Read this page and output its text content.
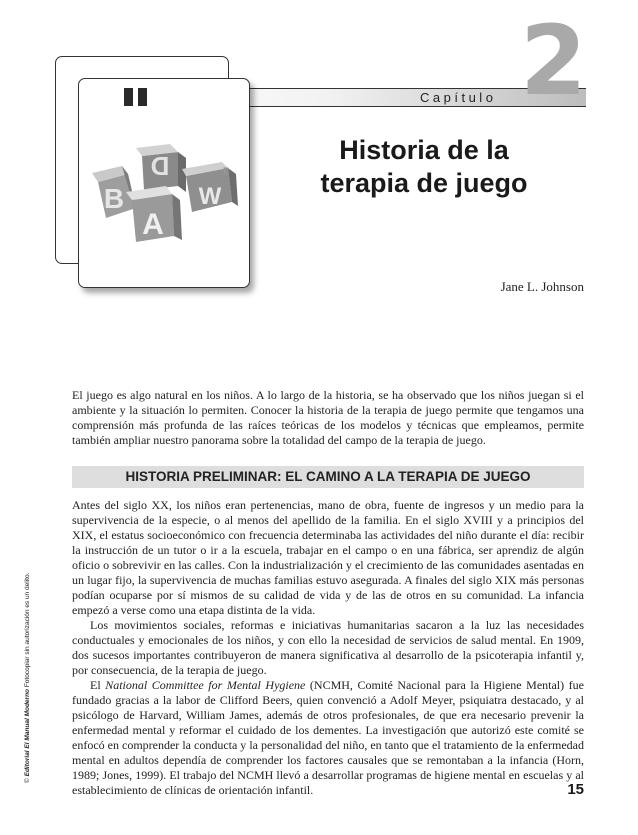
B
D
W
E
A
Capítulo 2
Historia de la
terapia de juego
Jane L. Johnson
El juego es algo natural en los niños. A lo largo de la historia, se ha observado que los niños juegan si el ambiente y la situación lo permiten. Conocer la historia de la terapia de juego permite que tengamos una comprensión más profunda de las raíces teóricas de los modelos y técnicas que empleamos, permite también ampliar nuestro panorama sobre la totalidad del campo de la terapia de juego.
HISTORIA PRELIMINAR: EL CAMINO A LA TERAPIA DE JUEGO

Antes del siglo XX, los niños eran pertenencias, mano de obra, fuente de ingresos y un medio para la supervivencia de la especie, o al menos del apellido de la familia. En el siglo XVIII y a principios del XIX, el estatus socioeconómico con frecuencia determinaba las actividades del niño durante el día: recibir la instrucción de un tutor o ir a la escuela, trabajar en el campo o en una fábrica, ser aprendiz de algún oficio o sobrevivir en las calles. Con la industrialización y el crecimiento de las comunidades asentadas en un lugar fijo, la supervivencia de muchas familias estuvo asegurada. A finales del siglo XIX más personas podían ocuparse por sí mismos de su calidad de vida y de las de otros en su comunidad. La infancia empezó a verse como una etapa distinta de la vida.

Los movimientos sociales, reformas e iniciativas humanitarias sacaron a la luz las necesidades conductuales y emocionales de los niños, y con ello la necesidad de servicios de salud mental. En 1909, dos sucesos importantes contribuyeron de manera significativa al desarrollo de la psicoterapia infantil y, por consecuencia, de la terapia de juego.

El National Committee for Mental Hygiene (NCMH, Comité Nacional para la Higiene Mental) fue fundado gracias a la labor de Clifford Beers, quien convenció a Adolf Meyer, psiquiatra destacado, y al psicólogo de Harvard, William James, además de otros profesionales, de que era necesario prevenir la enfermedad mental y reformar el cuidado de los dementes. La investigación que autorizó este comité se enfocó en comprender la conducta y la personalidad del niño, en tanto que el tratamiento de la enfermedad mental en adultos dependía de comprender los factores causales que se remontaban a la infancia (Horn, 1989; Jones, 1999). El trabajo del NCMH llevó a desarrollar programas de higiene mental en escuelas y al establecimiento de clínicas de orientación infantil.

© Editorial El Manual Moderno Fotocopiar sin autorización es un delito.
15
